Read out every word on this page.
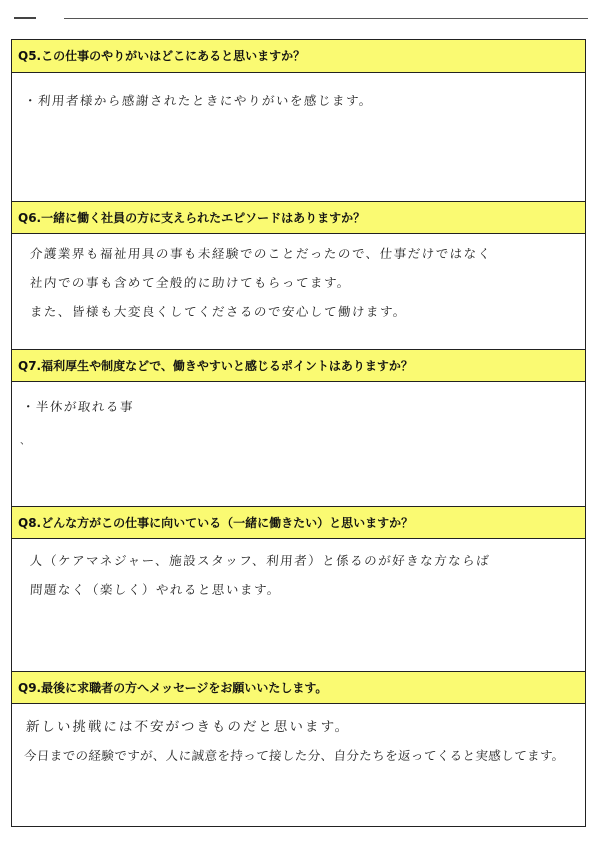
Q5.この仕事のやりがいはどこにあると思いますか？
・利用者様から感謝されたときにやりがいを感じます。
Q6.一緒に働く社員の方に支えられたエピソードはありますか？
介護業界も福祉用具の事も未経験でのことだったので、仕事だけではなく
社内での事も含めて全般的に助けてもらってます。
また、皆様も大変良くしてくださるので安心して働けます。
Q7.福利厚生や制度などで、働きやすいと感じるポイントはありますか？
・半休が取れる事
、
Q8.どんな方がこの仕事に向いている（一緒に働きたい）と思いますか？
人（ケアマネジャー、施設スタッフ、利用者）と係るのが好きな方ならば
問題なく（楽しく）やれると思います。
Q9.最後に求職者の方へメッセージをお願いいたします。
新しい挑戦には不安がつきものだと思います。
今日までの経験ですが、人に誠意を持って接した分、自分たちを返ってくると実感してます。
